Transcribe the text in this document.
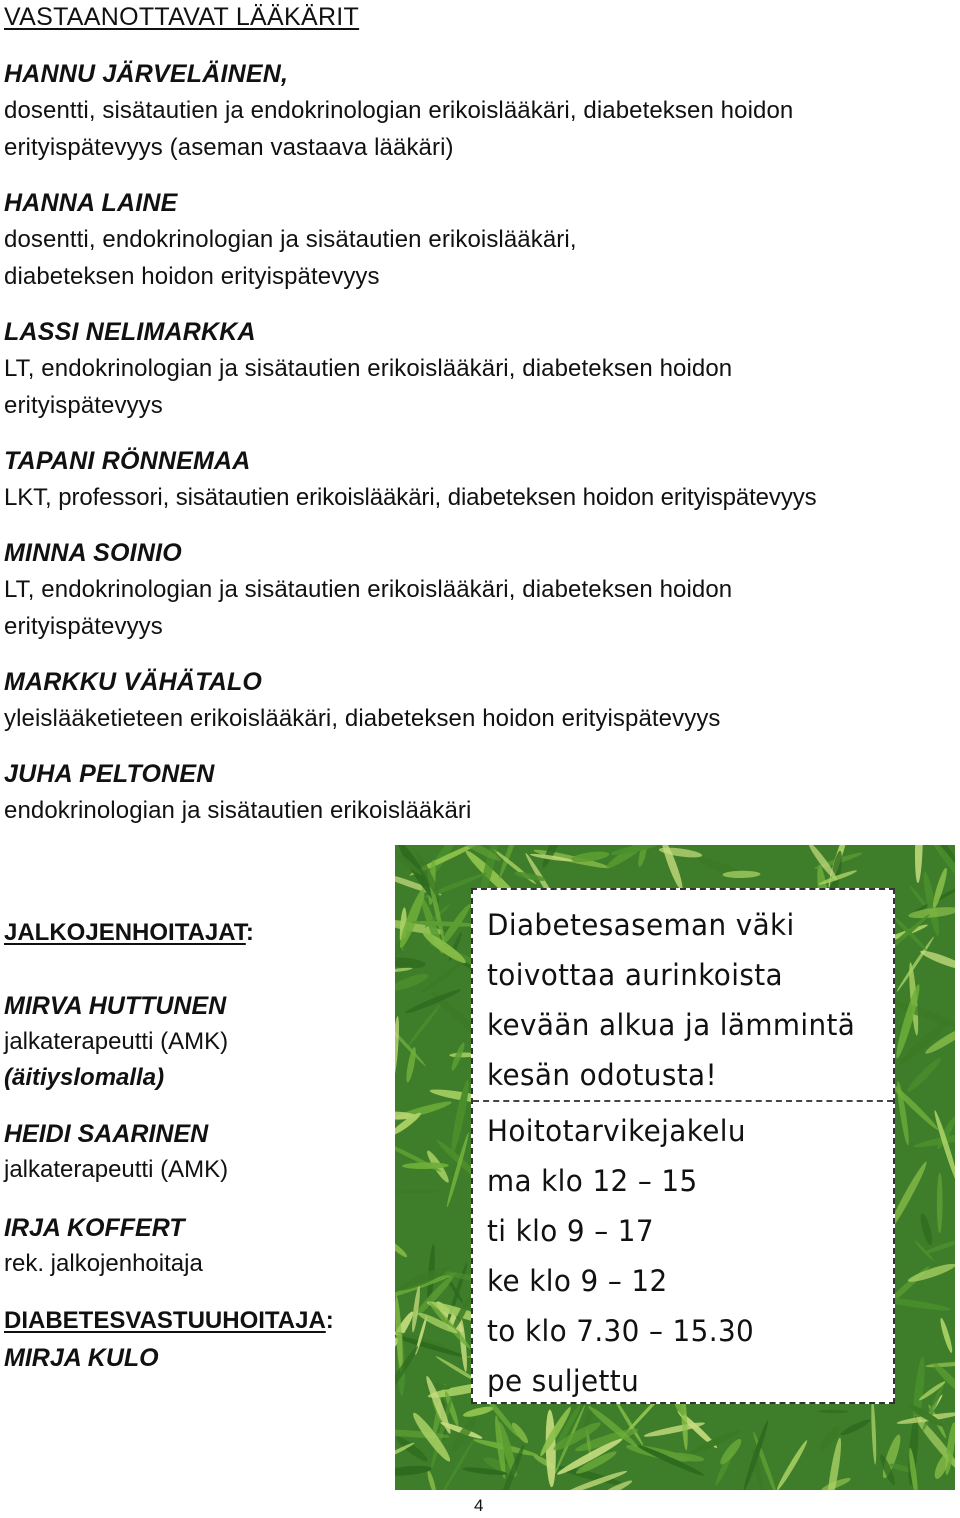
VASTAANOTTAVAT LÄÄKÄRIT
HANNU JÄRVELÄINEN,
dosentti, sisätautien ja endokrinologian erikoislääkäri, diabeteksen hoidon
erityispätevyys (aseman vastaava lääkäri)
HANNA LAINE
dosentti, endokrinologian ja sisätautien erikoislääkäri,
diabeteksen hoidon erityispätevyys
LASSI NELIMARKKA
LT, endokrinologian ja sisätautien erikoislääkäri, diabeteksen hoidon
erityispätevyys
TAPANI RÖNNEMAA
LKT, professori, sisätautien erikoislääkäri, diabeteksen hoidon erityispätevyys
MINNA SOINIO
LT, endokrinologian ja sisätautien erikoislääkäri, diabeteksen hoidon
erityispätevyys
MARKKU VÄHÄTALO
yleislääketieteen erikoislääkäri, diabeteksen hoidon erityispätevyys
JUHA PELTONEN
endokrinologian ja sisätautien erikoislääkäri
JALKOJENHOITAJAT:
MIRVA HUTTUNEN
jalkaterapeutti (AMK)
(äitiyslomalla)
HEIDI SAARINEN
jalkaterapeutti (AMK)
IRJA KOFFERT
rek. jalkojenhoitaja
DIABETESVASTUUHOITAJA:
MIRJA KULO
Diabetesaseman väki
toivottaa aurinkoista
kevään alkua ja lämmintä
kesän odotusta!
Hoitotarvikejakelu
ma klo 12 – 15
ti klo 9 – 17
ke klo 9 – 12
to klo 7.30 – 15.30
pe suljettu
4
